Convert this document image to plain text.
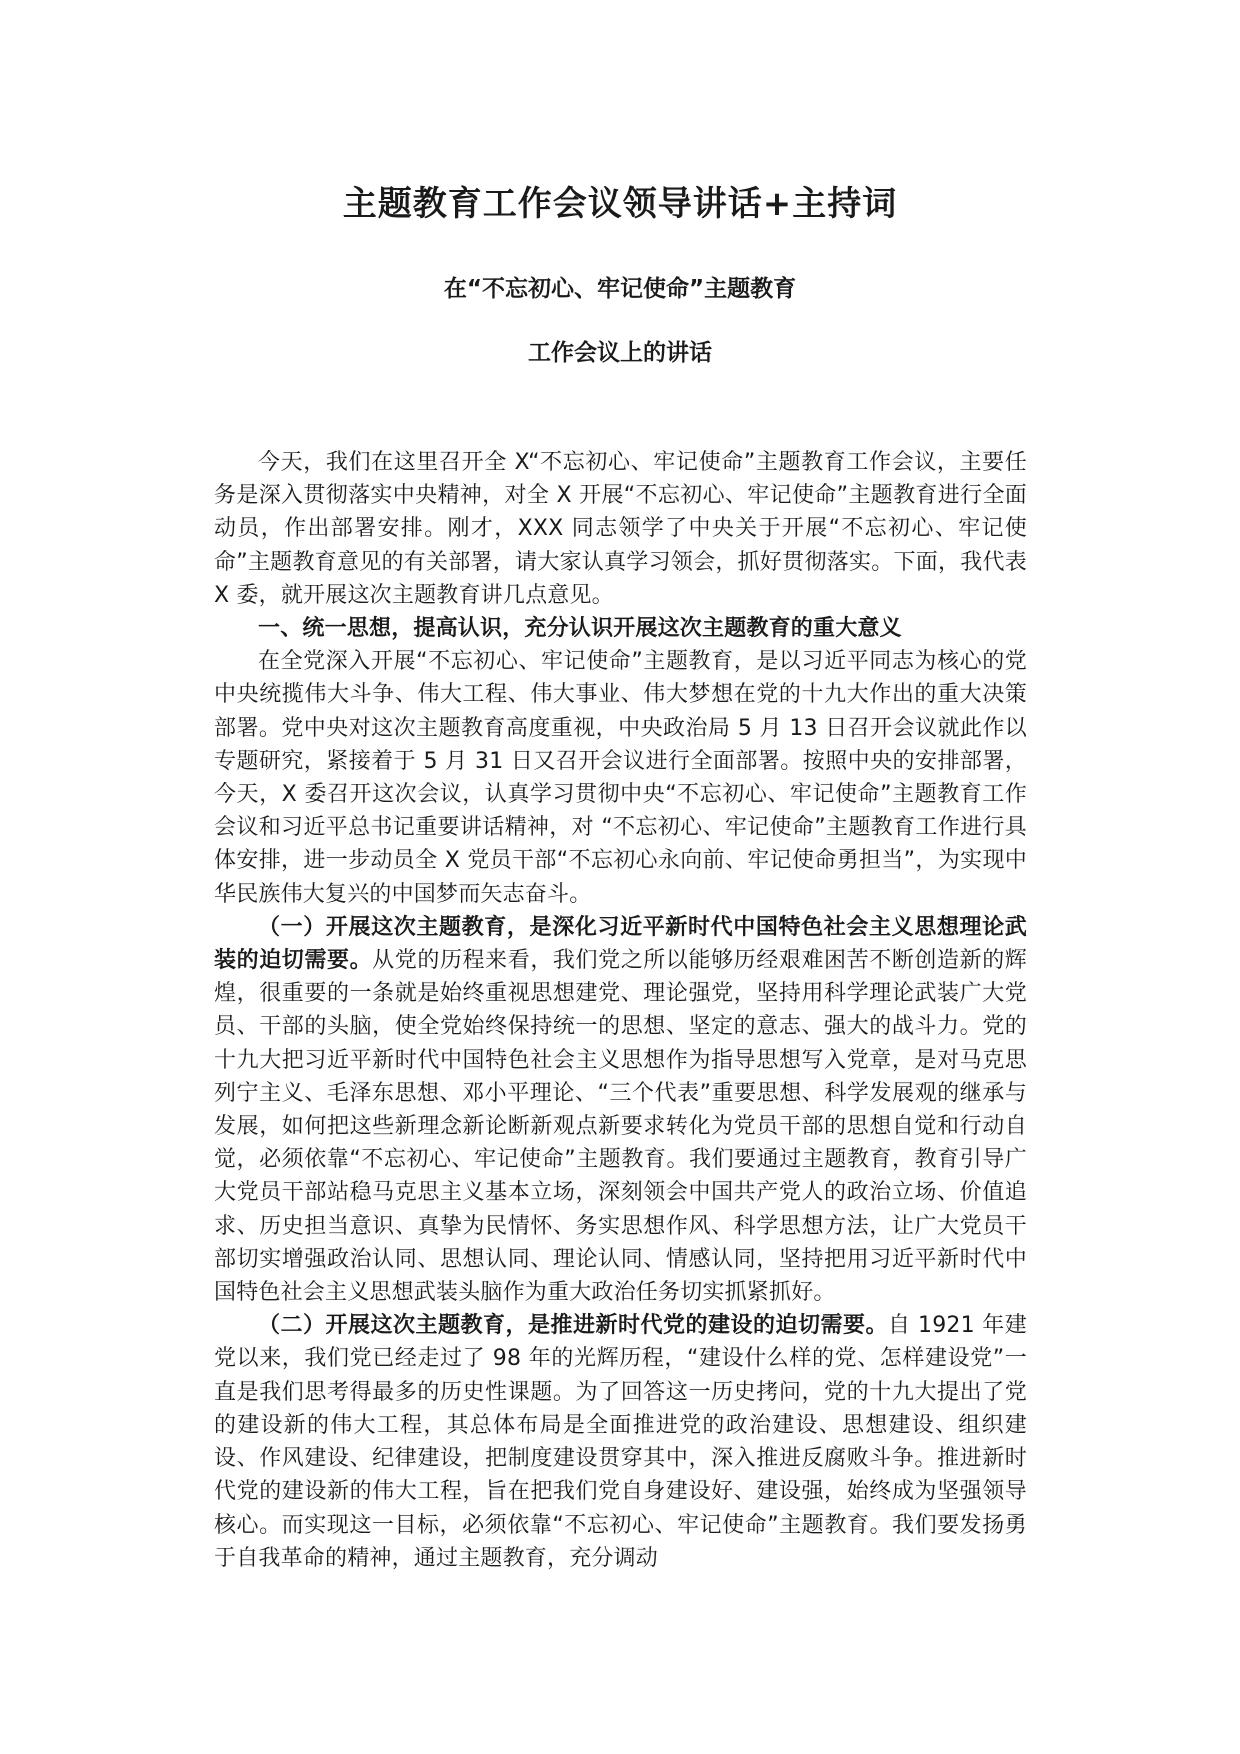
主题教育工作会议领导讲话+主持词
在“不忘初心、牢记使命”主题教育
工作会议上的讲话

今天，我们在这里召开全 X“不忘初心、牢记使命”主题教育工作会议，主要任务是深入贯彻落实中央精神，对全 X 开展“不忘初心、牢记使命”主题教育进行全面动员，作出部署安排。刚才，XXX 同志领学了中央关于开展“不忘初心、牢记使命”主题教育意见的有关部署，请大家认真学习领会，抓好贯彻落实。下面，我代表 X 委，就开展这次主题教育讲几点意见。

一、统一思想，提高认识，充分认识开展这次主题教育的重大意义

在全党深入开展“不忘初心、牢记使命”主题教育，是以习近平同志为核心的党中央统揽伟大斗争、伟大工程、伟大事业、伟大梦想在党的十九大作出的重大决策部署。党中央对这次主题教育高度重视，中央政治局 5 月 13 日召开会议就此作以专题研究，紧接着于 5 月 31 日又召开会议进行全面部署。按照中央的安排部署，今天，X 委召开这次会议，认真学习贯彻中央“不忘初心、牢记使命”主题教育工作会议和习近平总书记重要讲话精神，对 “不忘初心、牢记使命”主题教育工作进行具体安排，进一步动员全 X 党员干部“不忘初心永向前、牢记使命勇担当”，为实现中华民族伟大复兴的中国梦而矢志奋斗。

（一）开展这次主题教育，是深化习近平新时代中国特色社会主义思想理论武装的迫切需要。从党的历程来看，我们党之所以能够历经艰难困苦不断创造新的辉煌，很重要的一条就是始终重视思想建党、理论强党，坚持用科学理论武装广大党员、干部的头脑，使全党始终保持统一的思想、坚定的意志、强大的战斗力。党的十九大把习近平新时代中国特色社会主义思想作为指导思想写入党章，是对马克思列宁主义、毛泽东思想、邓小平理论、“三个代表”重要思想、科学发展观的继承与发展，如何把这些新理念新论断新观点新要求转化为党员干部的思想自觉和行动自觉，必须依靠“不忘初心、牢记使命”主题教育。我们要通过主题教育，教育引导广大党员干部站稳马克思主义基本立场，深刻领会中国共产党人的政治立场、价值追求、历史担当意识、真挚为民情怀、务实思想作风、科学思想方法，让广大党员干部切实增强政治认同、思想认同、理论认同、情感认同，坚持把用习近平新时代中国特色社会主义思想武装头脑作为重大政治任务切实抓紧抓好。

（二）开展这次主题教育，是推进新时代党的建设的迫切需要。自 1921 年建党以来，我们党已经走过了 98 年的光辉历程，“建设什么样的党、怎样建设党”一直是我们思考得最多的历史性课题。为了回答这一历史拷问，党的十九大提出了党的建设新的伟大工程，其总体布局是全面推进党的政治建设、思想建设、组织建设、作风建设、纪律建设，把制度建设贯穿其中，深入推进反腐败斗争。推进新时代党的建设新的伟大工程，旨在把我们党自身建设好、建设强，始终成为坚强领导核心。而实现这一目标，必须依靠“不忘初心、牢记使命”主题教育。我们要发扬勇于自我革命的精神，通过主题教育，充分调动
